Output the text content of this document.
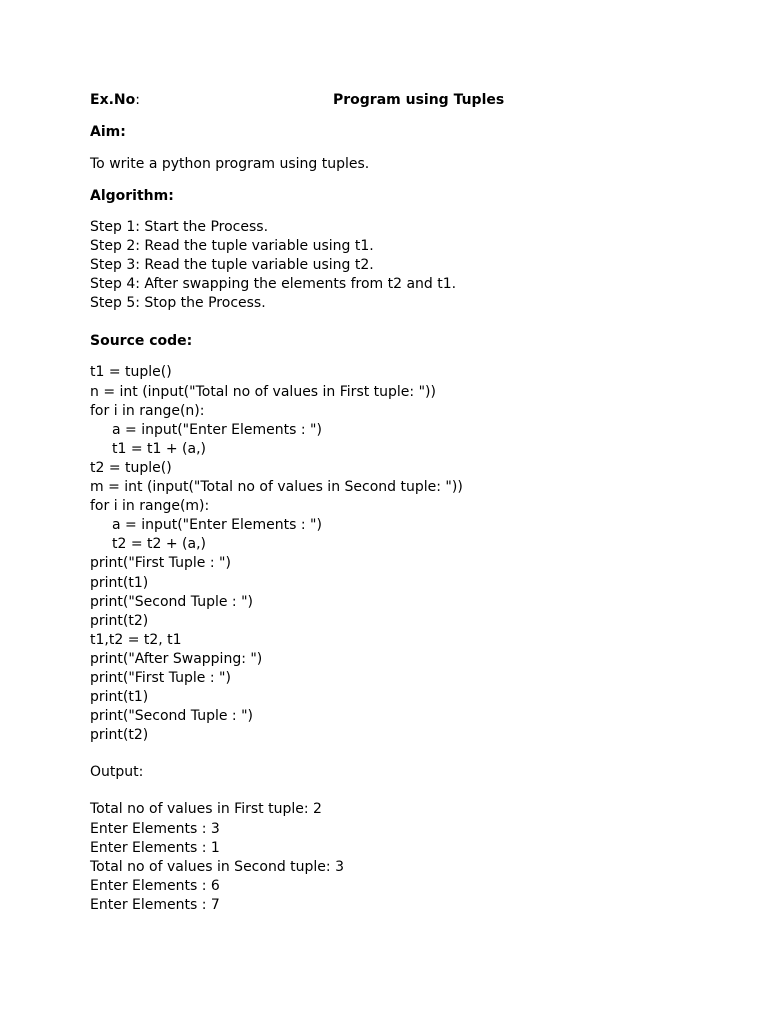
Ex.No:	Program using Tuples
Aim:
To write a python program using tuples.
Algorithm:
Step 1: Start the Process.
Step 2: Read the tuple variable using t1.
Step 3: Read the tuple variable using t2.
Step 4: After swapping the elements from t2 and t1.
Step 5: Stop the Process.
Source code:
t1 = tuple()
n = int (input("Total no of values in First tuple: "))
for i in range(n):
a = input("Enter Elements : ")
t1 = t1 + (a,)
t2 = tuple()
m = int (input("Total no of values in Second tuple: "))
for i in range(m):
a = input("Enter Elements : ")
t2 = t2 + (a,)
print("First Tuple : ")
print(t1)
print("Second Tuple : ")
print(t2)
t1,t2 = t2, t1
print("After Swapping: ")
print("First Tuple : ")
print(t1)
print("Second Tuple : ")
print(t2)
Output:
Total no of values in First tuple: 2
Enter Elements : 3
Enter Elements : 1
Total no of values in Second tuple: 3
Enter Elements : 6
Enter Elements : 7
